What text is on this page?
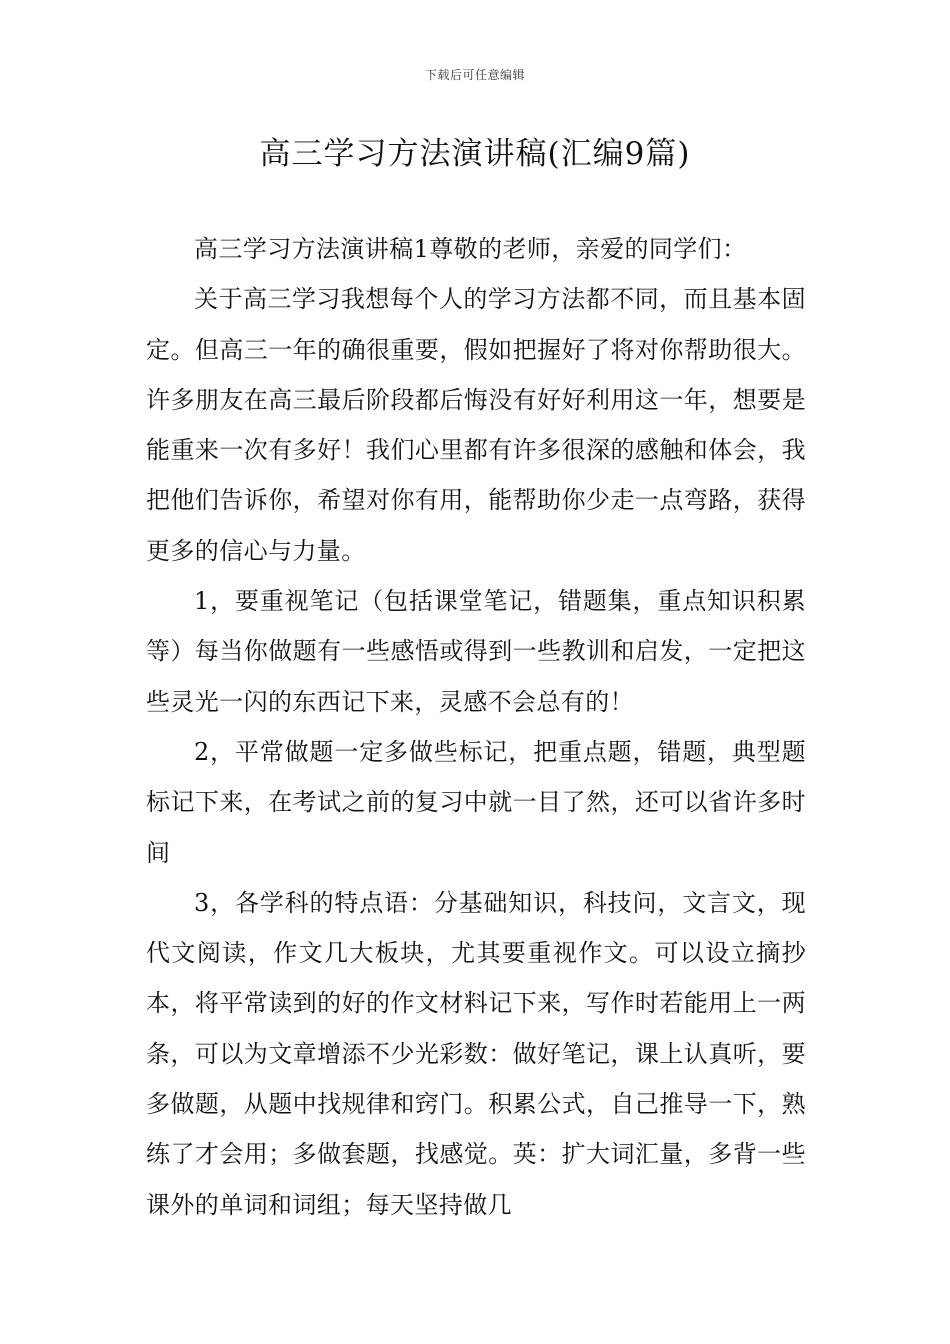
下载后可任意编辑
高三学习方法演讲稿(汇编9篇)

高三学习方法演讲稿1尊敬的老师，亲爱的同学们：

关于高三学习我想每个人的学习方法都不同，而且基本固定。但高三一年的确很重要，假如把握好了将对你帮助很大。许多朋友在高三最后阶段都后悔没有好好利用这一年，想要是能重来一次有多好！我们心里都有许多很深的感触和体会，我把他们告诉你，希望对你有用，能帮助你少走一点弯路，获得更多的信心与力量。

1，要重视笔记（包括课堂笔记，错题集，重点知识积累等）每当你做题有一些感悟或得到一些教训和启发，一定把这些灵光一闪的东西记下来，灵感不会总有的！

2，平常做题一定多做些标记，把重点题，错题，典型题标记下来，在考试之前的复习中就一目了然，还可以省许多时间

3，各学科的特点语：分基础知识，科技问，文言文，现代文阅读，作文几大板块，尤其要重视作文。可以设立摘抄本，将平常读到的好的作文材料记下来，写作时若能用上一两条，可以为文章增添不少光彩数：做好笔记，课上认真听，要多做题，从题中找规律和窍门。积累公式，自己推导一下，熟练了才会用；多做套题，找感觉。英：扩大词汇量，多背一些课外的单词和词组；每天坚持做几
